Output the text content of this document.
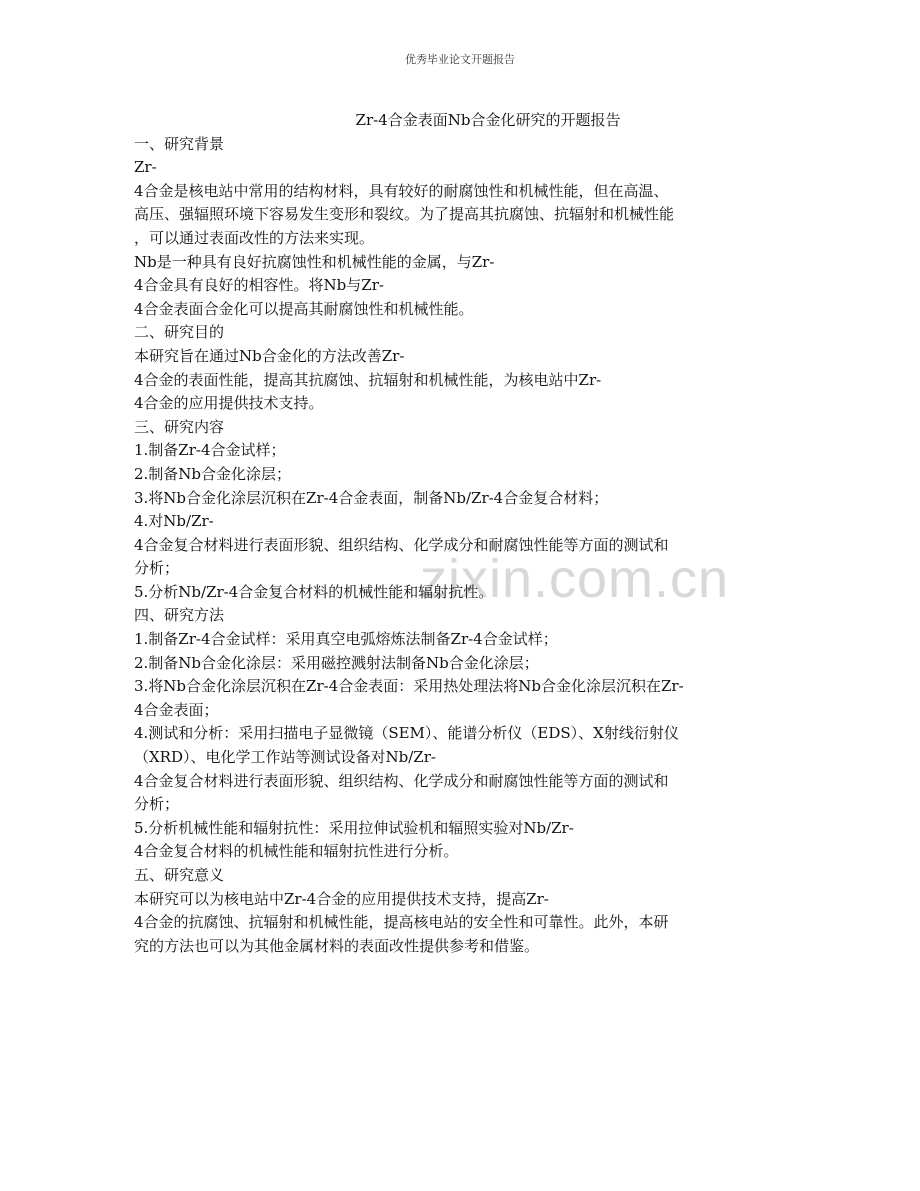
优秀毕业论文开题报告
zixin.com.cn
Zr-4合金表面Nb合金化研究的开题报告
一、研究背景
Zr-
4合金是核电站中常用的结构材料，具有较好的耐腐蚀性和机械性能，但在高温、
高压、强辐照环境下容易发生变形和裂纹。为了提高其抗腐蚀、抗辐射和机械性能
，可以通过表面改性的方法来实现。
Nb是一种具有良好抗腐蚀性和机械性能的金属，与Zr-
4合金具有良好的相容性。将Nb与Zr-
4合金表面合金化可以提高其耐腐蚀性和机械性能。
二、研究目的
本研究旨在通过Nb合金化的方法改善Zr-
4合金的表面性能，提高其抗腐蚀、抗辐射和机械性能，为核电站中Zr-
4合金的应用提供技术支持。
三、研究内容
1.制备Zr-4合金试样；
2.制备Nb合金化涂层；
3.将Nb合金化涂层沉积在Zr-4合金表面，制备Nb/Zr-4合金复合材料；
4.对Nb/Zr-
4合金复合材料进行表面形貌、组织结构、化学成分和耐腐蚀性能等方面的测试和
分析；
5.分析Nb/Zr-4合金复合材料的机械性能和辐射抗性。
四、研究方法
1.制备Zr-4合金试样：采用真空电弧熔炼法制备Zr-4合金试样；
2.制备Nb合金化涂层：采用磁控溅射法制备Nb合金化涂层；
3.将Nb合金化涂层沉积在Zr-4合金表面：采用热处理法将Nb合金化涂层沉积在Zr-
4合金表面；
4.测试和分析：采用扫描电子显微镜（SEM）、能谱分析仪（EDS）、X射线衍射仪
（XRD）、电化学工作站等测试设备对Nb/Zr-
4合金复合材料进行表面形貌、组织结构、化学成分和耐腐蚀性能等方面的测试和
分析；
5.分析机械性能和辐射抗性：采用拉伸试验机和辐照实验对Nb/Zr-
4合金复合材料的机械性能和辐射抗性进行分析。
五、研究意义
本研究可以为核电站中Zr-4合金的应用提供技术支持，提高Zr-
4合金的抗腐蚀、抗辐射和机械性能，提高核电站的安全性和可靠性。此外，本研
究的方法也可以为其他金属材料的表面改性提供参考和借鉴。
